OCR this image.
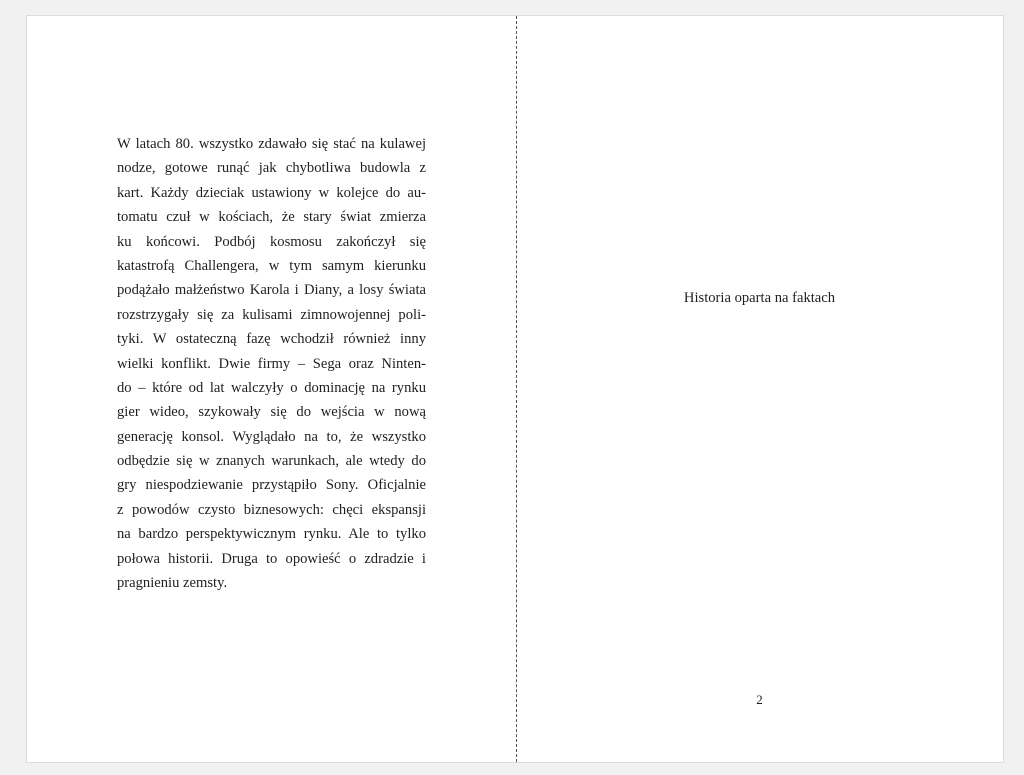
W latach 80. wszystko zdawało się stać na kulawej
nodze, gotowe runąć jak chybotliwa budowla z
kart. Każdy dzieciak ustawiony w kolejce do au-
tomatu czuł w kościach, że stary świat zmierza
ku końcowi. Podbój kosmosu zakończył się
katastrofą Challengera, w tym samym kierunku
podążało małżeństwo Karola i Diany, a losy świata
rozstrzygały się za kulisami zimnowojennej poli-
tyki. W ostateczną fazę wchodził również inny
wielki konflikt. Dwie firmy – Sega oraz Ninten-
do – które od lat walczyły o dominację na rynku
gier wideo, szykowały się do wejścia w nową
generację konsol. Wyglądało na to, że wszystko
odbędzie się w znanych warunkach, ale wtedy do
gry niespodziewanie przystąpiło Sony. Oficjalnie
z powodów czysto biznesowych: chęci ekspansji
na bardzo perspektywicznym rynku. Ale to tylko
połowa historii. Druga to opowieść o zdradzie i
pragnieniu zemsty.

Historia oparta na faktach

2
